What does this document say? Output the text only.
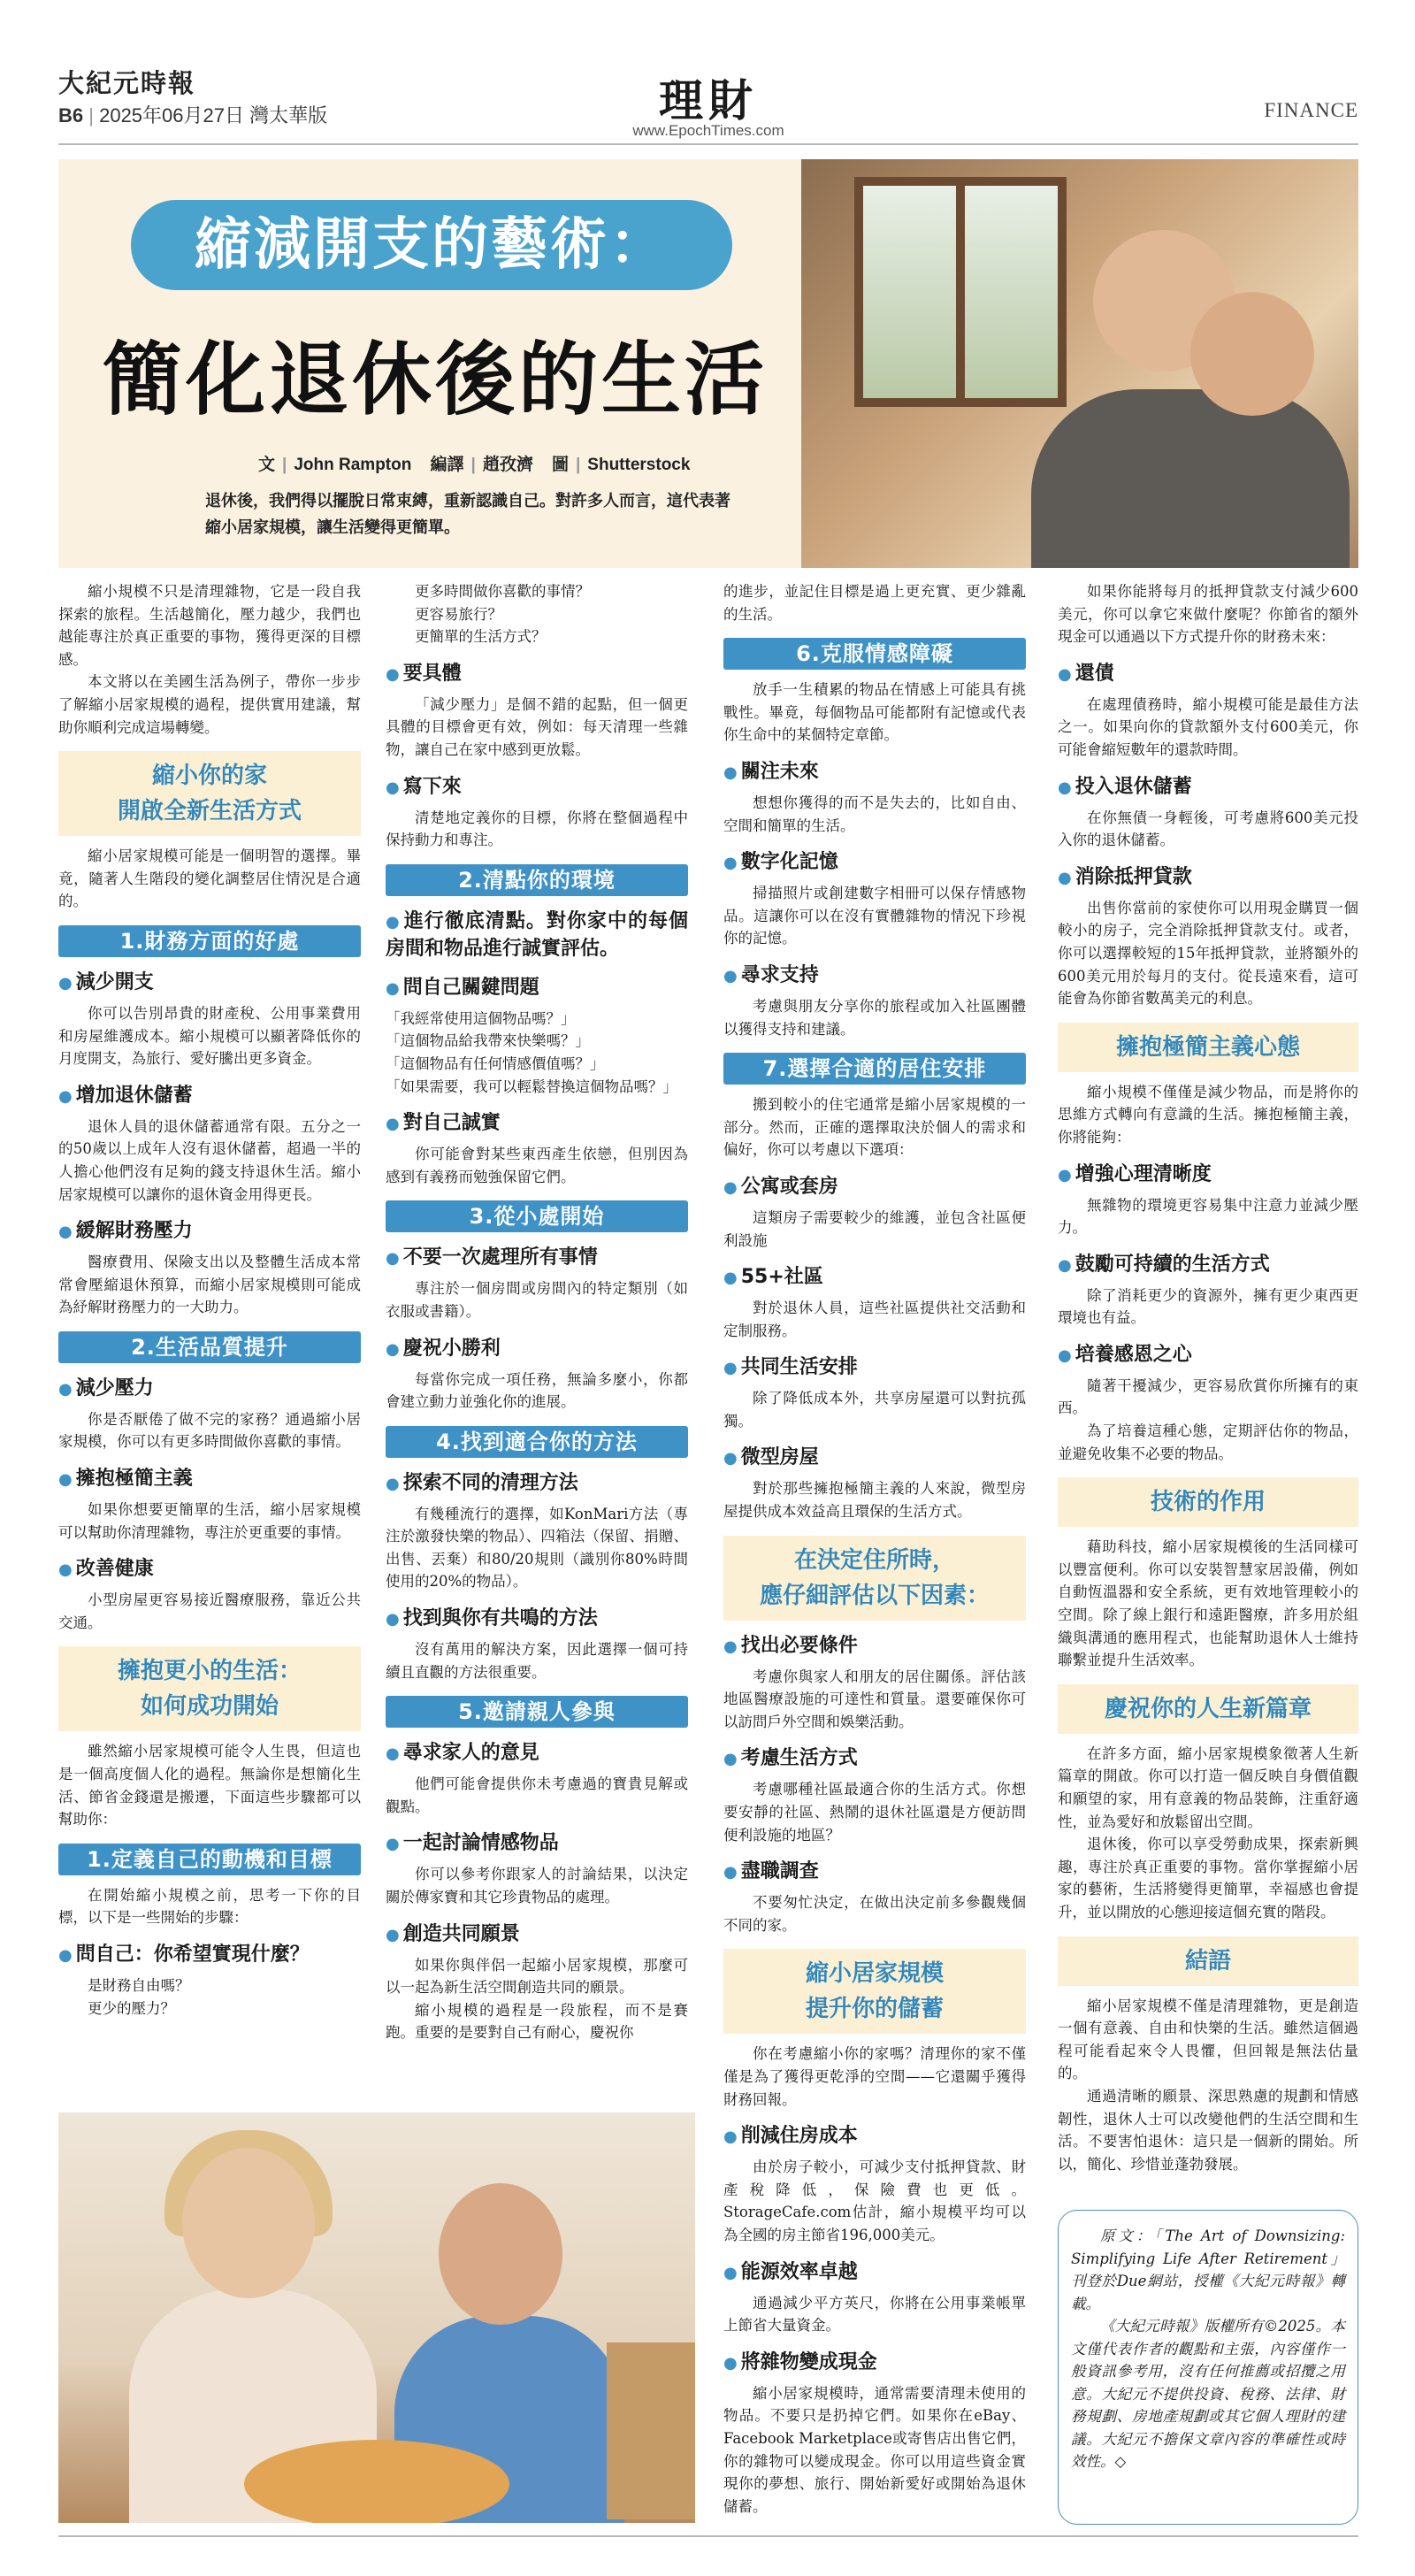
大紀元時報
B6 | 2025年06月27日 灣太華版	理財
www.EpochTimes.com
FINANCE
縮減開支的藝術：
簡化退休後的生活
文 | John Rampton 編譯 | 趙孜濟 圖 | Shutterstock
退休後，我們得以擺脫日常束縛，重新認識自己。對許多人而言，這代表著縮小居家規模，讓生活變得更簡單。

縮小規模不只是清理雜物，它是一段自我探索的旅程。生活越簡化，壓力越少，我們也越能專注於真正重要的事物，獲得更深的目標感。

本文將以在美國生活為例子，帶你一步步了解縮小居家規模的過程，提供實用建議，幫助你順利完成這場轉變。

縮小你的家
開啟全新生活方式

縮小居家規模可能是一個明智的選擇。畢竟，隨著人生階段的變化調整居住情況是合適的。

1.財務方面的好處
● 減少開支

你可以告別昂貴的財產稅、公用事業費用和房屋維護成本。縮小規模可以顯著降低你的月度開支，為旅行、愛好騰出更多資金。

● 增加退休儲蓄

退休人員的退休儲蓄通常有限。五分之一的50歲以上成年人沒有退休儲蓄，超過一半的人擔心他們沒有足夠的錢支持退休生活。縮小居家規模可以讓你的退休資金用得更長。

● 緩解財務壓力

醫療費用、保險支出以及整體生活成本常常會壓縮退休預算，而縮小居家規模則可能成為紓解財務壓力的一大助力。

2.生活品質提升
● 減少壓力

你是否厭倦了做不完的家務？通過縮小居家規模，你可以有更多時間做你喜歡的事情。

● 擁抱極簡主義

如果你想要更簡單的生活，縮小居家規模可以幫助你清理雜物，專注於更重要的事情。

● 改善健康

小型房屋更容易接近醫療服務，靠近公共交通。

擁抱更小的生活：
如何成功開始

雖然縮小居家規模可能令人生畏，但這也是一個高度個人化的過程。無論你是想簡化生活、節省金錢還是搬遷，下面這些步驟都可以幫助你：

1.定義自己的動機和目標

在開始縮小規模之前，思考一下你的目標，以下是一些開始的步驟：

● 問自己：你希望實現什麼？

是財務自由嗎？

更少的壓力？

更多時間做你喜歡的事情？

更容易旅行？

更簡單的生活方式？

● 要具體

「減少壓力」是個不錯的起點，但一個更具體的目標會更有效，例如：每天清理一些雜物，讓自己在家中感到更放鬆。

● 寫下來

清楚地定義你的目標，你將在整個過程中保持動力和專注。

2.清點你的環境
● 進行徹底清點。對你家中的每個房間和物品進行誠實評估。
● 問自己關鍵問題

「我經常使用這個物品嗎？」

「這個物品給我帶來快樂嗎？」

「這個物品有任何情感價值嗎？」

「如果需要，我可以輕鬆替換這個物品嗎？」

● 對自己誠實

你可能會對某些東西產生依戀，但別因為感到有義務而勉強保留它們。

3.從小處開始
● 不要一次處理所有事情

專注於一個房間或房間內的特定類別（如衣服或書籍）。

● 慶祝小勝利

每當你完成一項任務，無論多麼小，你都會建立動力並強化你的進展。

4.找到適合你的方法
● 探索不同的清理方法

有幾種流行的選擇，如KonMari方法（專注於激發快樂的物品）、四箱法（保留、捐贈、出售、丟棄）和80/20規則（識別你80%時間使用的20%的物品）。

● 找到與你有共鳴的方法

沒有萬用的解決方案，因此選擇一個可持續且直觀的方法很重要。

5.邀請親人參與
● 尋求家人的意見

他們可能會提供你未考慮過的寶貴見解或觀點。

● 一起討論情感物品

你可以參考你跟家人的討論結果，以決定關於傳家寶和其它珍貴物品的處理。

● 創造共同願景

如果你與伴侶一起縮小居家規模，那麼可以一起為新生活空間創造共同的願景。

縮小規模的過程是一段旅程，而不是賽跑。重要的是要對自己有耐心，慶祝你

的進步，並記住目標是過上更充實、更少雜亂的生活。

6.克服情感障礙

放手一生積累的物品在情感上可能具有挑戰性。畢竟，每個物品可能都附有記憶或代表你生命中的某個特定章節。

● 關注未來

想想你獲得的而不是失去的，比如自由、空間和簡單的生活。

● 數字化記憶

掃描照片或創建數字相冊可以保存情感物品。這讓你可以在沒有實體雜物的情況下珍視你的記憶。

● 尋求支持

考慮與朋友分享你的旅程或加入社區團體以獲得支持和建議。

7.選擇合適的居住安排

搬到較小的住宅通常是縮小居家規模的一部分。然而，正確的選擇取決於個人的需求和偏好，你可以考慮以下選項：

● 公寓或套房

這類房子需要較少的維護，並包含社區便利設施

● 55+社區

對於退休人員，這些社區提供社交活動和定制服務。

● 共同生活安排

除了降低成本外，共享房屋還可以對抗孤獨。

● 微型房屋

對於那些擁抱極簡主義的人來說，微型房屋提供成本效益高且環保的生活方式。

在決定住所時，
應仔細評估以下因素：
● 找出必要條件

考慮你與家人和朋友的居住關係。評估該地區醫療設施的可達性和質量。還要確保你可以訪問戶外空間和娛樂活動。

● 考慮生活方式

考慮哪種社區最適合你的生活方式。你想要安靜的社區、熱鬧的退休社區還是方便訪問便利設施的地區？

● 盡職調查

不要匆忙決定，在做出決定前多參觀幾個不同的家。

縮小居家規模
提升你的儲蓄

你在考慮縮小你的家嗎？清理你的家不僅僅是為了獲得更乾淨的空間——它還關乎獲得財務回報。

● 削減住房成本

由於房子較小，可減少支付抵押貸款、財產稅降低，保險費也更低。StorageCafe.com估計，縮小規模平均可以為全國的房主節省196,000美元。

● 能源效率卓越

通過減少平方英尺，你將在公用事業帳單上節省大量資金。

● 將雜物變成現金

縮小居家規模時，通常需要清理未使用的物品。不要只是扔掉它們。如果你在eBay、Facebook Marketplace或寄售店出售它們，你的雜物可以變成現金。你可以用這些資金實現你的夢想、旅行、開始新愛好或開始為退休儲蓄。

如果你能將每月的抵押貸款支付減少600美元，你可以拿它來做什麼呢？你節省的額外現金可以通過以下方式提升你的財務未來：

● 還債

在處理債務時，縮小規模可能是最佳方法之一。如果向你的貸款額外支付600美元，你可能會縮短數年的還款時間。

● 投入退休儲蓄

在你無債一身輕後，可考慮將600美元投入你的退休儲蓄。

● 消除抵押貸款

出售你當前的家使你可以用現金購買一個較小的房子，完全消除抵押貸款支付。或者，你可以選擇較短的15年抵押貸款，並將額外的600美元用於每月的支付。從長遠來看，這可能會為你節省數萬美元的利息。

擁抱極簡主義心態

縮小規模不僅僅是減少物品，而是將你的思維方式轉向有意識的生活。擁抱極簡主義，你將能夠：

● 增強心理清晰度

無雜物的環境更容易集中注意力並減少壓力。

● 鼓勵可持續的生活方式

除了消耗更少的資源外，擁有更少東西更環境也有益。

● 培養感恩之心

隨著干擾減少，更容易欣賞你所擁有的東西。

為了培養這種心態，定期評估你的物品，並避免收集不必要的物品。

技術的作用

藉助科技，縮小居家規模後的生活同樣可以豐富便利。你可以安裝智慧家居設備，例如自動恆溫器和安全系統，更有效地管理較小的空間。除了線上銀行和遠距醫療，許多用於組織與溝通的應用程式，也能幫助退休人士維持聯繫並提升生活效率。

慶祝你的人生新篇章

在許多方面，縮小居家規模象徵著人生新篇章的開啟。你可以打造一個反映自身價值觀和願望的家，用有意義的物品裝飾，注重舒適性，並為愛好和放鬆留出空間。

退休後，你可以享受勞動成果，探索新興趣，專注於真正重要的事物。當你掌握縮小居家的藝術，生活將變得更簡單，幸福感也會提升，並以開放的心態迎接這個充實的階段。

結語

縮小居家規模不僅是清理雜物，更是創造一個有意義、自由和快樂的生活。雖然這個過程可能看起來令人畏懼，但回報是無法估量的。

通過清晰的願景、深思熟慮的規劃和情感韌性，退休人士可以改變他們的生活空間和生活。不要害怕退休：這只是一個新的開始。所以，簡化、珍惜並蓬勃發展。

原文：「The Art of Downsizing: Simplifying Life After Retirement」刊登於Due網站，授權《大紀元時報》轉載。

《大紀元時報》版權所有©2025。本文僅代表作者的觀點和主張，內容僅作一般資訊參考用，沒有任何推薦或招攬之用意。大紀元不提供投資、稅務、法律、財務規劃、房地產規劃或其它個人理財的建議。大紀元不擔保文章內容的準確性或時效性。◇
